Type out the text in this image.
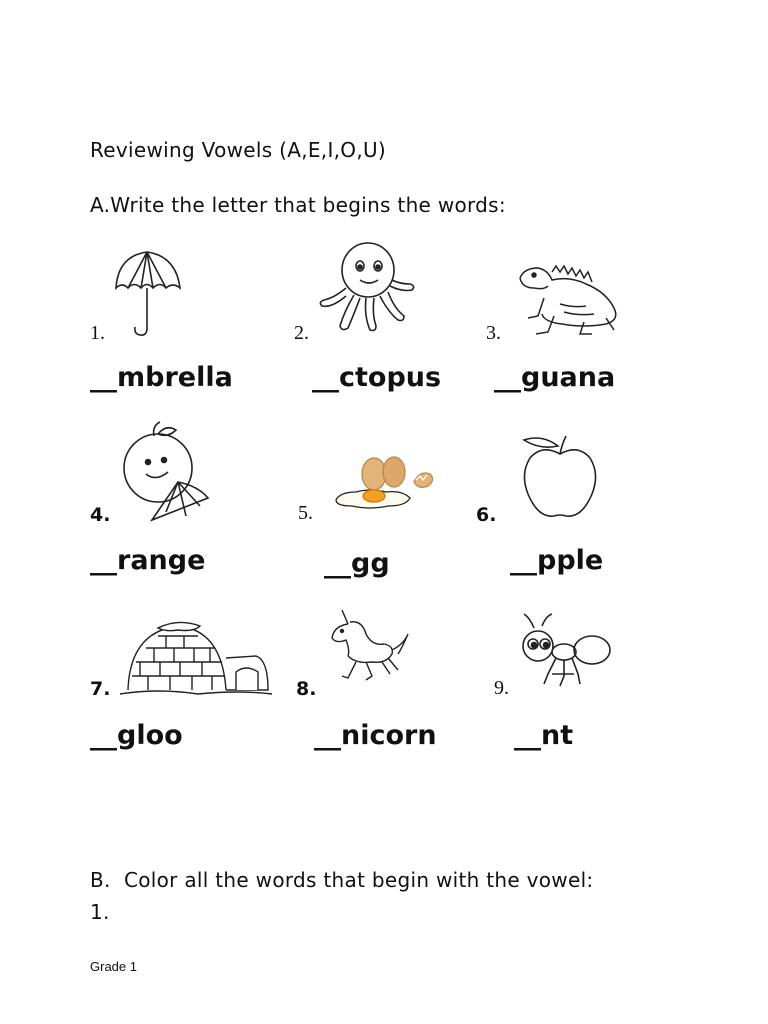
Reviewing Vowels (A,E,I,O,U)
A.Write the letter that begins the words:
1.	2.	3.
__mbrella	__ctopus __guana
4.	5.	6.
__range	__gg	__pple
7.	8.	9.
__gloo	__nicorn	__nt
B.  Color all the words that begin with the vowel:
1.
Grade 1
